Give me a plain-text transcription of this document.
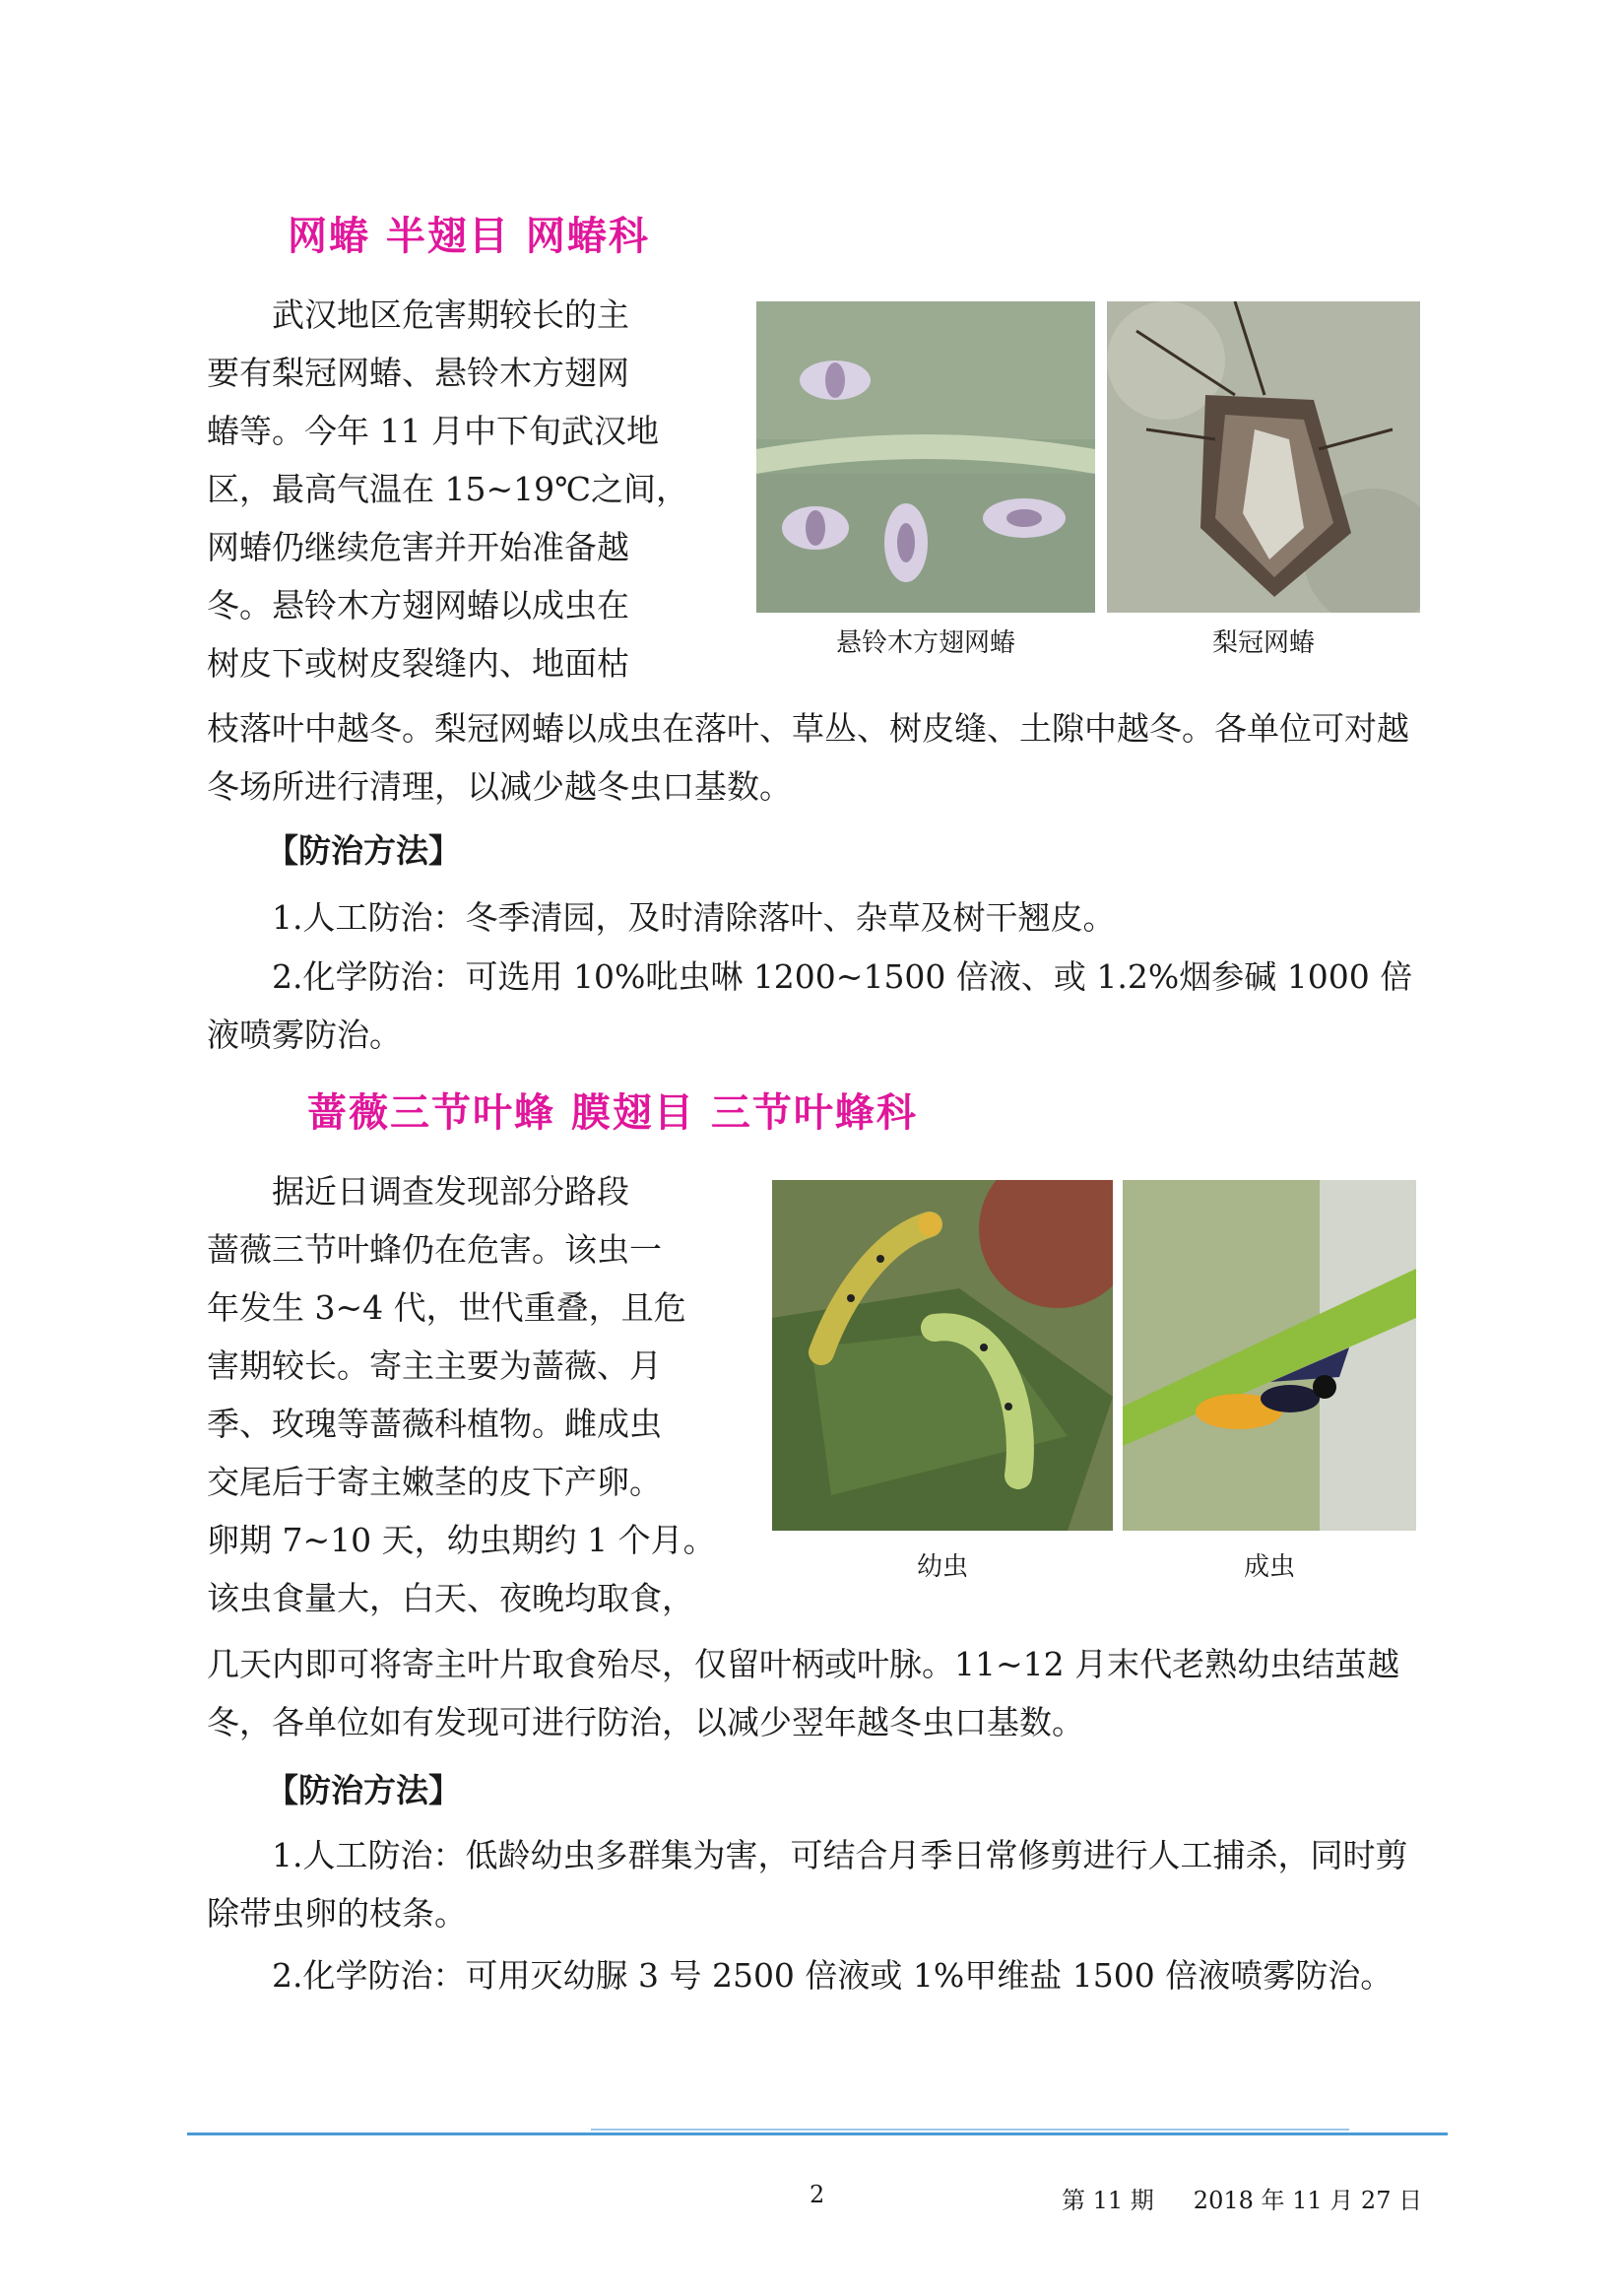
网蝽 半翅目 网蝽科
武汉地区危害期较长的主
要有梨冠网蝽、悬铃木方翅网
蝽等。今年 11 月中下旬武汉地
区，最高气温在 15~19℃之间，
网蝽仍继续危害并开始准备越
冬。悬铃木方翅网蝽以成虫在
树皮下或树皮裂缝内、地面枯
悬铃木方翅网蝽	梨冠网蝽

枝落叶中越冬。梨冠网蝽以成虫在落叶、草丛、树皮缝、土隙中越冬。各单位可对越冬场所进行清理，以减少越冬虫口基数。

【防治方法】

1.人工防治：冬季清园，及时清除落叶、杂草及树干翘皮。

2.化学防治：可选用 10%吡虫啉 1200~1500 倍液、或 1.2%烟参碱 1000 倍液喷雾防治。

蔷薇三节叶蜂 膜翅目 三节叶蜂科
据近日调查发现部分路段
蔷薇三节叶蜂仍在危害。该虫一
年发生 3~4 代，世代重叠，且危
害期较长。寄主主要为蔷薇、月
季、玫瑰等蔷薇科植物。雌成虫
交尾后于寄主嫩茎的皮下产卵。
卵期 7~10 天，幼虫期约 1 个月。
该虫食量大，白天、夜晚均取食，
幼虫	成虫

几天内即可将寄主叶片取食殆尽，仅留叶柄或叶脉。11~12 月末代老熟幼虫结茧越冬，各单位如有发现可进行防治，以减少翌年越冬虫口基数。

【防治方法】

1.人工防治：低龄幼虫多群集为害，可结合月季日常修剪进行人工捕杀，同时剪除带虫卵的枝条。

2.化学防治：可用灭幼脲 3 号 2500 倍液或 1%甲维盐 1500 倍液喷雾防治。

2	第 11 期 2018 年 11 月 27 日
